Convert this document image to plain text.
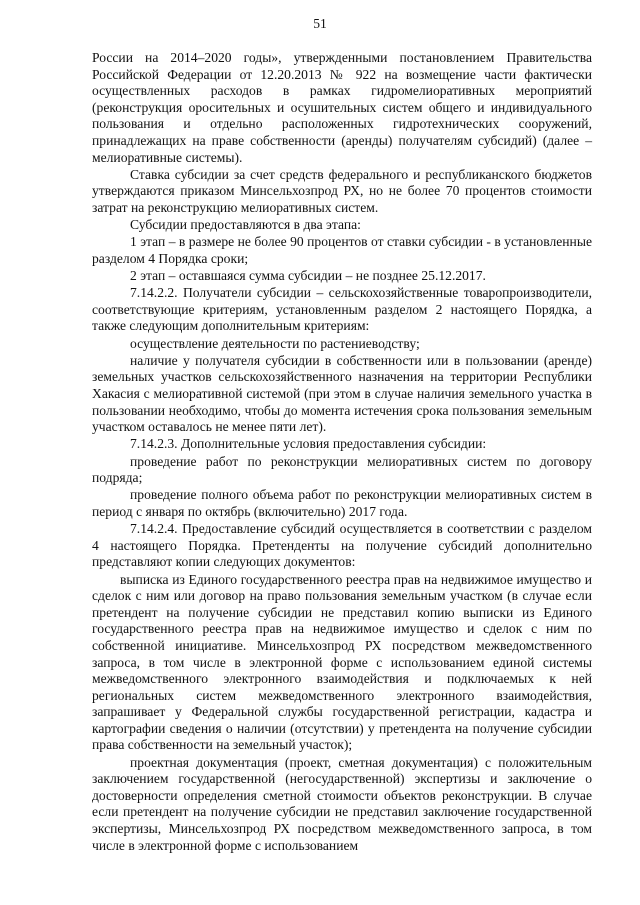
51

России на 2014–2020 годы», утвержденными постановлением Правительства Российской Федерации от 12.20.2013 № 922 на возмещение части фактически осуществленных расходов в рамках гидромелиоративных мероприятий (реконструкция оросительных и осушительных систем общего и индивидуального пользования и отдельно расположенных гидротехнических сооружений, принадлежащих на праве собственности (аренды) получателям субсидий) (далее – мелиоративные системы).

Ставка субсидии за счет средств федерального и республиканского бюджетов утверждаются приказом Минсельхозпрод РХ, но не более 70 процентов стоимости затрат на реконструкцию мелиоративных систем.

Субсидии предоставляются в два этапа:

1 этап – в размере не более 90 процентов от ставки субсидии - в установленные разделом 4 Порядка сроки;

2 этап – оставшаяся сумма субсидии – не позднее 25.12.2017.

7.14.2.2. Получатели субсидии – сельскохозяйственные товаропроизводители, соответствующие критериям, установленным разделом 2 настоящего Порядка, а также следующим дополнительным критериям:

осуществление деятельности по растениеводству;

наличие у получателя субсидии в собственности или в пользовании (аренде) земельных участков сельскохозяйственного назначения на территории Республики Хакасия с мелиоративной системой (при этом в случае наличия земельного участка в пользовании необходимо, чтобы до момента истечения срока пользования земельным участком оставалось не менее пяти лет).

7.14.2.3. Дополнительные условия предоставления субсидии:

проведение работ по реконструкции мелиоративных систем по договору подряда;

проведение полного объема работ по реконструкции мелиоративных систем в период с января по октябрь (включительно) 2017 года.

7.14.2.4. Предоставление субсидий осуществляется в соответствии с разделом 4 настоящего Порядка. Претенденты на получение субсидий дополнительно представляют копии следующих документов:

выписка из Единого государственного реестра прав на недвижимое имущество и сделок с ним или договор на право пользования земельным участком (в случае если претендент на получение субсидии не представил копию выписки из Единого государственного реестра прав на недвижимое имущество и сделок с ним по собственной инициативе. Минсельхозпрод РХ посредством межведомственного запроса, в том числе в электронной форме с использованием единой системы межведомственного электронного взаимодействия и подключаемых к ней региональных систем межведомственного электронного взаимодействия, запрашивает у Федеральной службы государственной регистрации, кадастра и картографии сведения о наличии (отсутствии) у претендента на получение субсидии права собственности на земельный участок);

проектная документация (проект, сметная документация) с положительным заключением государственной (негосударственной) экспертизы и заключение о достоверности определения сметной стоимости объектов реконструкции. В случае если претендент на получение субсидии не представил заключение государственной экспертизы, Минсельхозпрод РХ посредством межведомственного запроса, в том числе в электронной форме с использованием
